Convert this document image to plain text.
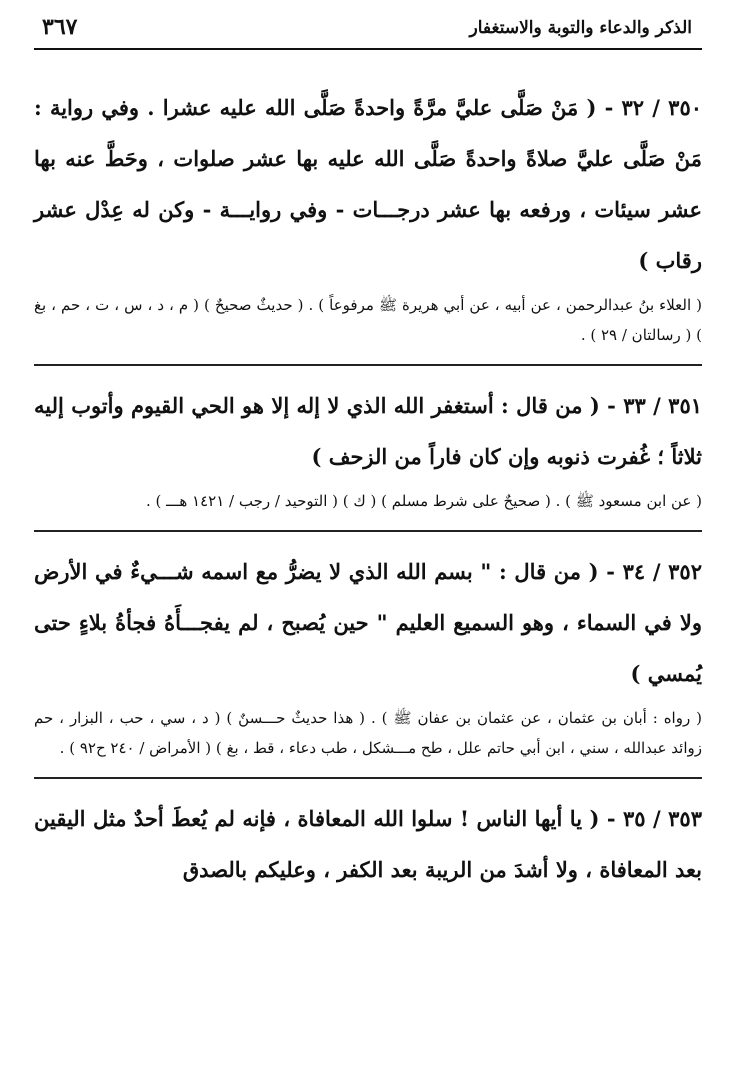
الذكر والدعاء والتوبة والاستغفار
٣٦٧

٣٥٠ / ٣٢ - ( مَنْ صَلَّى عليَّ مرَّةً واحدةً صَلَّى الله عليه عشرا . وفي رواية : مَنْ صَلَّى عليَّ صلاةً واحدةً صَلَّى الله عليه بها عشر صلوات ، وحَطَّ عنه بها عشر سيئات ، ورفعه بها عشر درجـــات - وفي روايـــة - وكن له عِدْل عشر رقاب )

( العلاء بنُ عبدالرحمن ، عن أبيه ، عن أبي هريرة ﷺ مرفوعاً ) . ( حديثٌ صحيحٌ ) ( م ، د ، س ، ت ، حم ، بغ ) ( رسالتان / ٢٩ ) .

٣٥١ / ٣٣ - ( من قال : أستغفر الله الذي لا إله إلا هو الحي القيوم وأتوب إليه ثلاثاً ؛ غُفرت ذنوبه وإن كان فاراً من الزحف )

( عن ابن مسعود ﷺ ) . ( صحيحٌ على شرط مسلم ) ( ك ) ( التوحيد / رجب / ١٤٢١ هـــ ) .

٣٥٢ / ٣٤ - ( من قال : " بسم الله الذي لا يضرُّ مع اسمه شـــيءٌ في الأرض ولا في السماء ، وهو السميع العليم " حين يُصبح ، لم يفجـــأَهُ فجأةُ بلاءٍ حتى يُمسي )

( رواه : أبان بن عثمان ، عن عثمان بن عفان ﷺ ) . ( هذا حديثٌ حـــسنٌ ) ( د ، سي ، حب ، البزار ، حم زوائد عبدالله ، سني ، ابن أبي حاتم علل ، طح مـــشكل ، طب دعاء ، قط ، بغ ) ( الأمراض / ٢٤٠ ح٩٢ ) .

٣٥٣ / ٣٥ - ( يا أيها الناس ! سلوا الله المعافاة ، فإنه لم يُعطَ أحدٌ مثل اليقين بعد المعافاة ، ولا أشدَ من الريبة بعد الكفر ، وعليكم بالصدق
